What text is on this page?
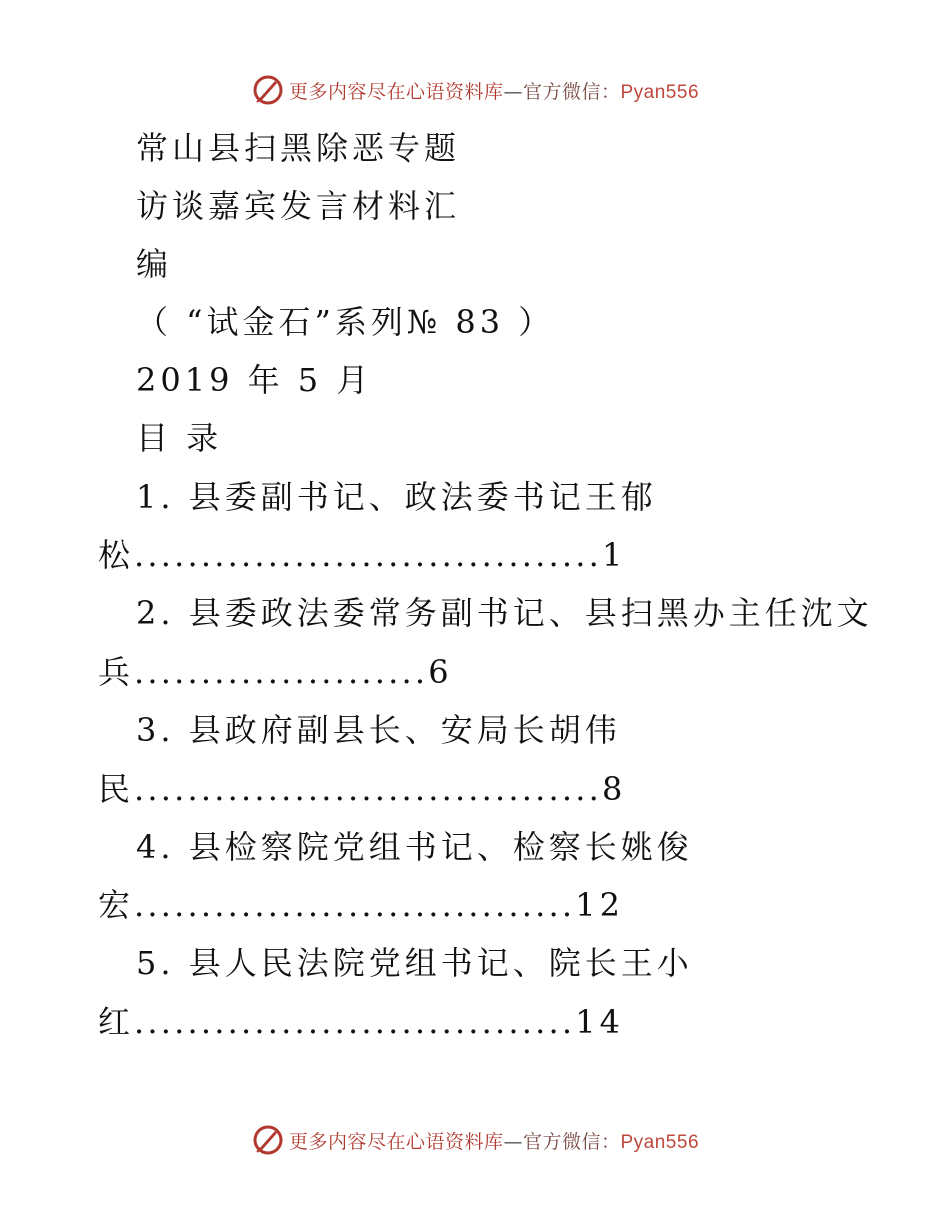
更多内容尽在心语资料库—官方微信：Pyan556
常山县扫黑除恶专题
访谈嘉宾发言材料汇
编
（ “试金石”系列№ 83 ）
2019 年 5 月
目 录
1. 县委副书记、政法委书记王郁
松...................................1
2. 县委政法委常务副书记、县扫黑办主任沈文
兵......................6
3. 县政府副县长、安局长胡伟
民...................................8
4. 县检察院党组书记、检察长姚俊
宏.................................12
5. 县人民法院党组书记、院长王小
红.................................14
更多内容尽在心语资料库—官方微信：Pyan556
